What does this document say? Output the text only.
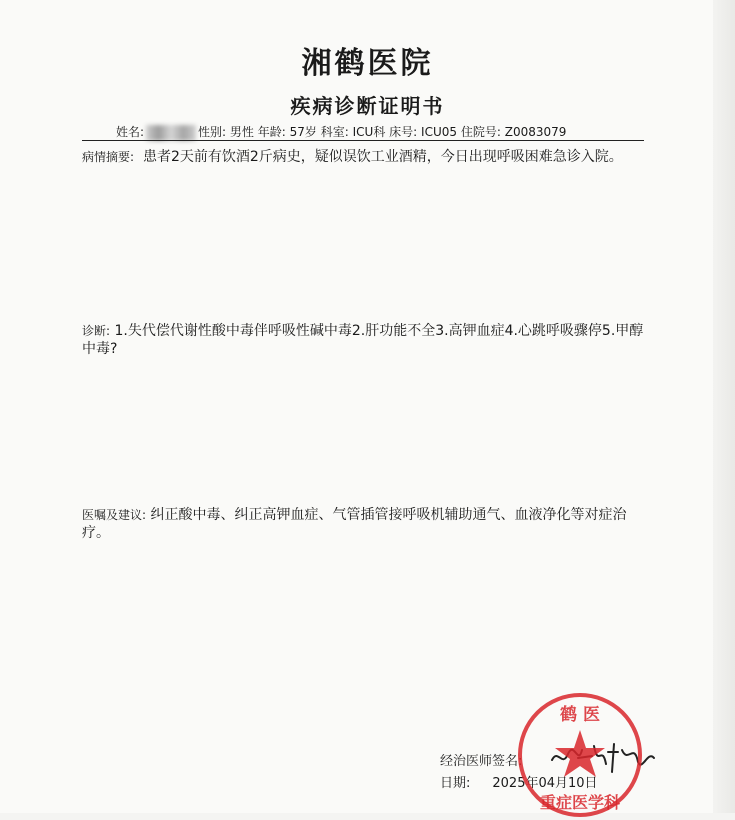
湘鹤医院
疾病诊断证明书
姓名:	性别: 男性 年龄: 57岁 科室: ICU科 床号: ICU05 住院号: Z0083079
病情摘要: 患者2天前有饮酒2斤病史，疑似误饮工业酒精，今日出现呼吸困难急诊入院。
诊断: 1.失代偿代谢性酸中毒伴呼吸性碱中毒2.肝功能不全3.高钾血症4.心跳呼吸骤停5.甲醇中毒?
医嘱及建议: 纠正酸中毒、纠正高钾血症、气管插管接呼吸机辅助通气、血液净化等对症治疗。
经治医师签名:
日期: 2025年04月10日
鹤 医
重症医学科
